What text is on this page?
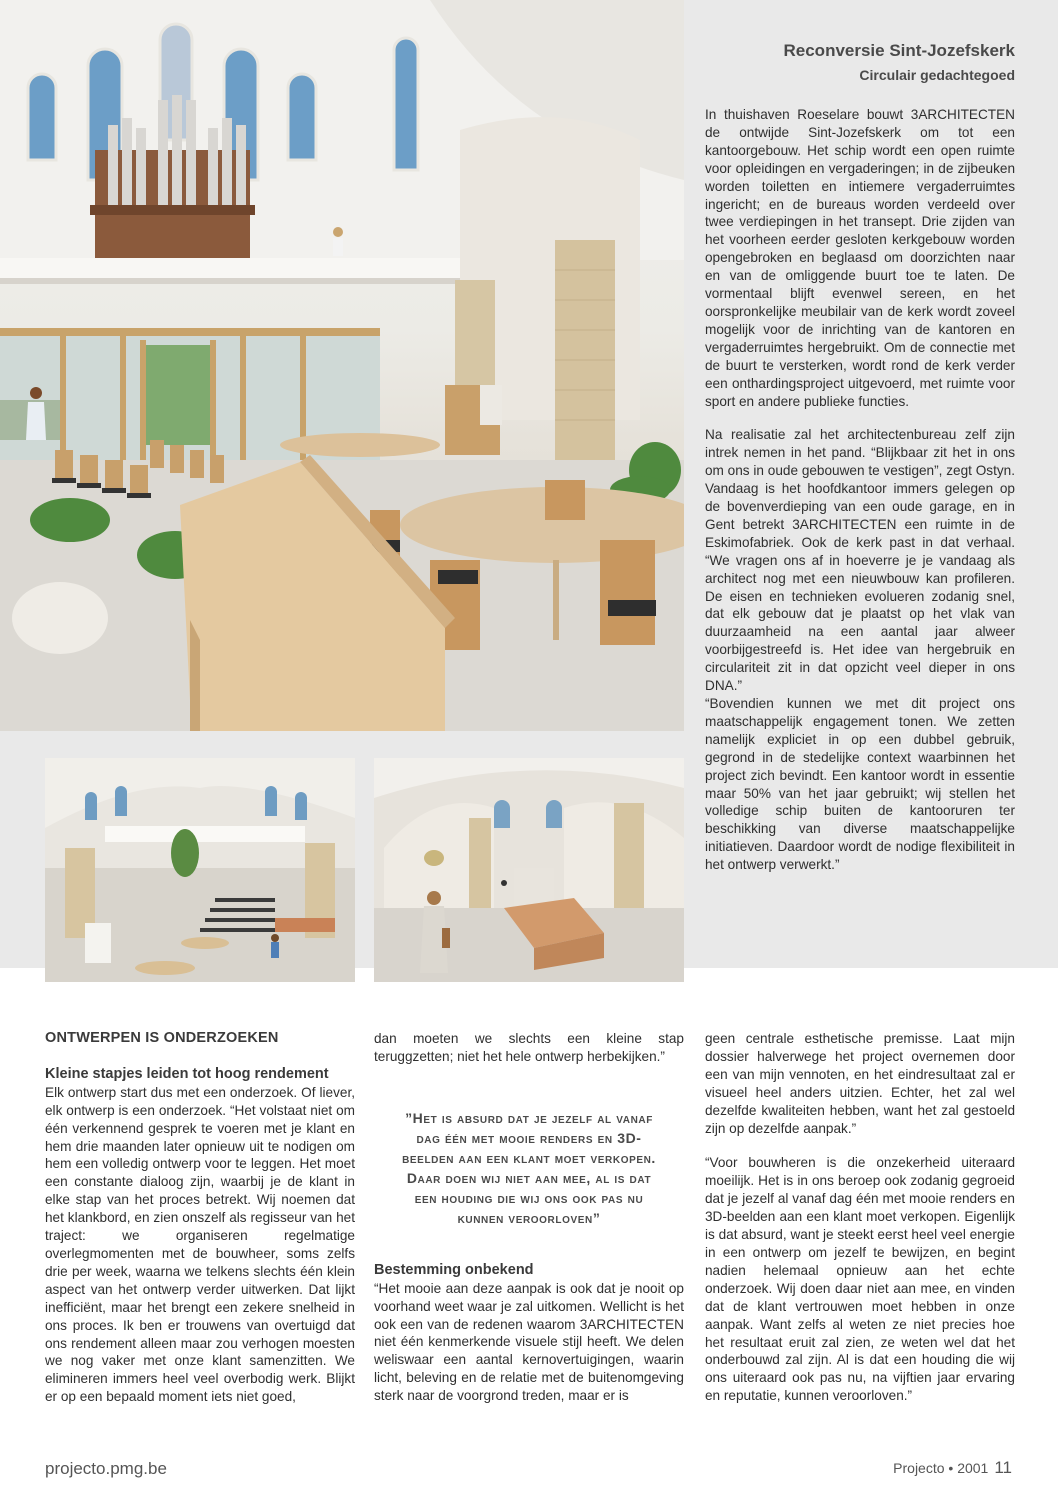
Reconversie Sint-Jozefskerk
Circulair gedachtegoed

In thuishaven Roeselare bouwt 3ARCHITECTEN de ontwijde Sint-Jozefskerk om tot een kantoorgebouw. Het schip wordt een open ruimte voor opleidingen en vergaderingen; in de zijbeuken worden toiletten en intiemere vergaderruimtes ingericht; en de bureaus worden verdeeld over twee verdiepingen in het transept. Drie zijden van het voorheen eerder gesloten kerkgebouw worden opengebroken en beglaasd om doorzichten naar en van de omliggende buurt toe te laten. De vormentaal blijft evenwel sereen, en het oorspronkelijke meubilair van de kerk wordt zoveel mogelijk voor de inrichting van de kantoren en vergaderruimtes hergebruikt. Om de connectie met de buurt te versterken, wordt rond de kerk verder een onthardingsproject uitgevoerd, met ruimte voor sport en andere publieke functies.

Na realisatie zal het architectenbureau zelf zijn intrek nemen in het pand. “Blijkbaar zit het in ons om ons in oude gebouwen te vestigen”, zegt Ostyn. Vandaag is het hoofdkantoor immers gelegen op de bovenverdieping van een oude garage, en in Gent betrekt 3ARCHITECTEN een ruimte in de Eskimofabriek. Ook de kerk past in dat verhaal. “We vragen ons af in hoeverre je je vandaag als architect nog met een nieuwbouw kan profileren. De eisen en technieken evolueren zodanig snel, dat elk gebouw dat je plaatst op het vlak van duurzaamheid na een aantal jaar alweer voorbijgestreefd is. Het idee van hergebruik en circulariteit zit in dat opzicht veel dieper in ons DNA.”

“Bovendien kunnen we met dit project ons maatschappelijk engagement tonen. We zetten namelijk expliciet in op een dubbel gebruik, gegrond in de stedelijke context waarbinnen het project zich bevindt. Een kantoor wordt in essentie maar 50% van het jaar gebruikt; wij stellen het volledige schip buiten de kantooruren ter beschikking van diverse maatschappelijke initiatieven. Daardoor wordt de nodige flexibiliteit in het ontwerp verwerkt.”

ONTWERPEN IS ONDERZOEKEN
Kleine stapjes leiden tot hoog rendement

Elk ontwerp start dus met een onderzoek. Of liever, elk ontwerp is een onderzoek. “Het volstaat niet om één verkennend gesprek te voeren met je klant en hem drie maanden later opnieuw uit te nodigen om hem een volledig ontwerp voor te leggen. Het moet een constante dialoog zijn, waarbij je de klant in elke stap van het proces betrekt. Wij noemen dat het klankbord, en zien onszelf als regisseur van het traject: we organiseren regelmatige overlegmomenten met de bouwheer, soms zelfs drie per week, waarna we telkens slechts één klein aspect van het ontwerp verder uitwerken. Dat lijkt inefficiënt, maar het brengt een zekere snelheid in ons proces. Ik ben er trouwens van overtuigd dat ons rendement alleen maar zou verhogen moesten we nog vaker met onze klant samenzitten. We elimineren immers heel veel overbodig werk. Blijkt er op een bepaald moment iets niet goed,

dan moeten we slechts een kleine stap teruggzetten; niet het hele ontwerp herbekijken.”

”Het is absurd dat je jezelf al vanaf dag één met mooie renders en 3D-beelden aan een klant moet verkopen. Daar doen wij niet aan mee, al is dat een houding die wij ons ook pas nu kunnen veroorloven”
Bestemming onbekend

“Het mooie aan deze aanpak is ook dat je nooit op voorhand weet waar je zal uitkomen. Wellicht is het ook een van de redenen waarom 3ARCHITECTEN niet één kenmerkende visuele stijl heeft. We delen weliswaar een aantal kernovertuigingen, waarin licht, beleving en de relatie met de buitenomgeving sterk naar de voorgrond treden, maar er is

geen centrale esthetische premisse. Laat mijn dossier halverwege het project overnemen door een van mijn vennoten, en het eindresultaat zal er visueel heel anders uitzien. Echter, het zal wel dezelfde kwaliteiten hebben, want het zal gestoeld zijn op dezelfde aanpak.”

“Voor bouwheren is die onzekerheid uiteraard moeilijk. Het is in ons beroep ook zodanig gegroeid dat je jezelf al vanaf dag één met mooie renders en 3D-beelden aan een klant moet verkopen. Eigenlijk is dat absurd, want je steekt eerst heel veel energie in een ontwerp om jezelf te bewijzen, en begint nadien helemaal opnieuw aan het echte onderzoek. Wij doen daar niet aan mee, en vinden dat de klant vertrouwen moet hebben in onze aanpak. Want zelfs al weten ze niet precies hoe het resultaat eruit zal zien, ze weten wel dat het onderbouwd zal zijn. Al is dat een houding die wij ons uiteraard ook pas nu, na vijftien jaar ervaring en reputatie, kunnen veroorloven.”

projecto.pmg.be	Projecto • 2001 11
